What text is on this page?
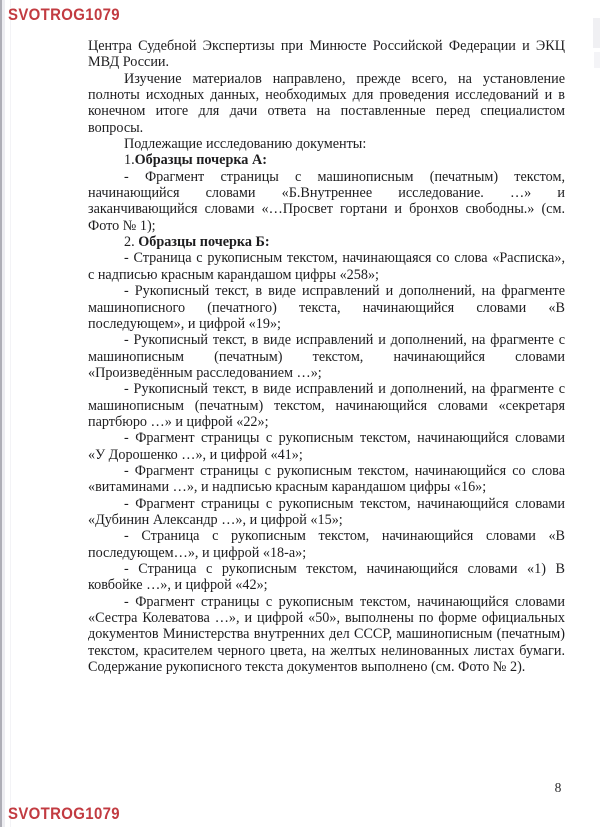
SVOTROG1079

Центра Судебной Экспертизы при Минюсте Российской Федерации и ЭКЦ МВД России.

Изучение материалов направлено, прежде всего, на установление полноты исходных данных, необходимых для проведения исследований и в конечном итоге для дачи ответа на поставленные перед специалистом вопросы.

Подлежащие исследованию документы:

1.Образцы почерка А:

- Фрагмент страницы с машинописным (печатным) текстом, начинающийся словами «Б.Внутреннее исследование. …» и заканчивающийся словами «…Просвет гортани и бронхов свободны.» (см. Фото № 1);

2. Образцы почерка Б:

- Страница с рукописным текстом, начинающаяся со слова «Расписка», с надписью красным карандашом цифры «258»;

- Рукописный текст, в виде исправлений и дополнений, на фрагменте машинописного (печатного) текста, начинающийся словами «В последующем», и цифрой «19»;

- Рукописный текст, в виде исправлений и дополнений, на фрагменте с машинописным (печатным) текстом, начинающийся словами «Произведённым расследованием …»;

- Рукописный текст, в виде исправлений и дополнений, на фрагменте с машинописным (печатным) текстом, начинающийся словами «секретаря партбюро …» и цифрой «22»;

- Фрагмент страницы с рукописным текстом, начинающийся словами «У Дорошенко …», и цифрой «41»;

- Фрагмент страницы с рукописным текстом, начинающийся со слова «витаминами …», и надписью красным карандашом цифры «16»;

- Фрагмент страницы с рукописным текстом, начинающийся словами «Дубинин Александр …», и цифрой «15»;

- Страница с рукописным текстом, начинающийся словами «В последующем…», и цифрой «18-а»;

- Страница с рукописным текстом, начинающийся словами «1) В ковбойке …», и цифрой «42»;

- Фрагмент страницы с рукописным текстом, начинающийся словами «Сестра Колеватова …», и цифрой «50», выполнены по форме официальных документов Министерства внутренних дел СССР, машинописным (печатным) текстом, красителем черного цвета, на желтых нелинованных листах бумаги. Содержание рукописного текста документов выполнено (см. Фото № 2).

8
SVOTROG1079
